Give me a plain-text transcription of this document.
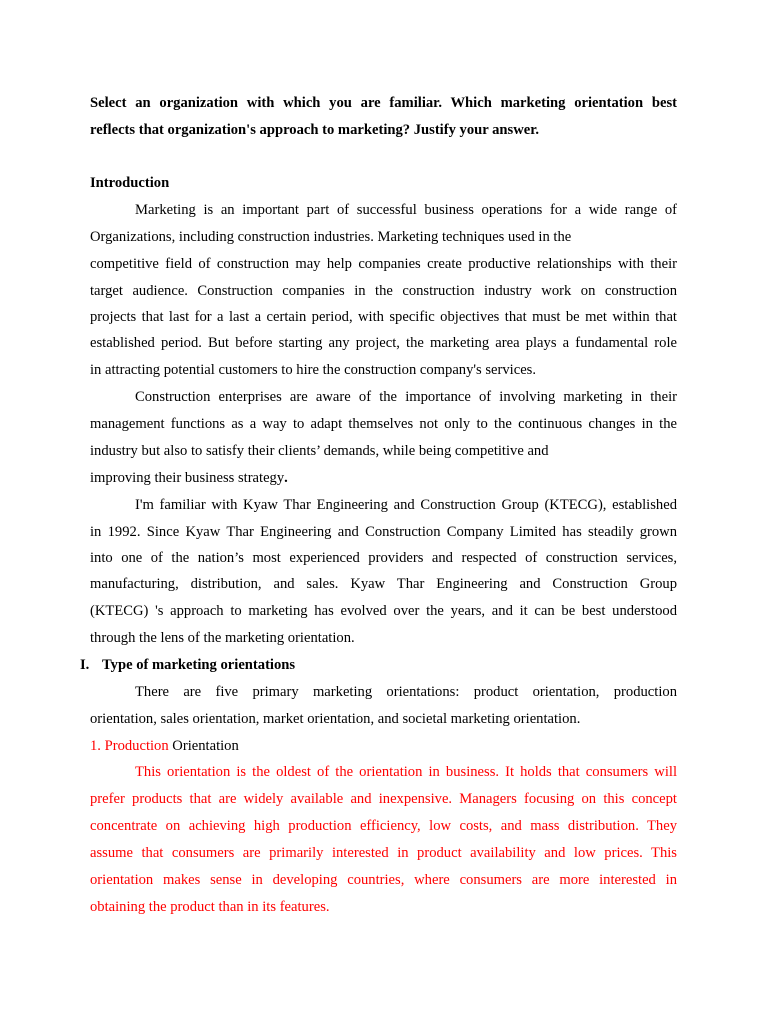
Select an organization with which you are familiar. Which marketing orientation best
reflects that organization's approach to marketing? Justify your answer.
Introduction
Marketing is an important part of successful business operations for a wide range of
Organizations, including construction industries. Marketing techniques used in the
competitive field of construction may help companies create productive relationships with their
target audience. Construction companies in the construction industry work on construction
projects that last for a last a certain period, with specific objectives that must be met within that
established period. But before starting any project, the marketing area plays a fundamental role
in attracting potential customers to hire the construction company's services.
Construction enterprises are aware of the importance of involving marketing in their
management functions as a way to adapt themselves not only to the continuous changes in the
industry but also to satisfy their clients’ demands, while being competitive and
improving their business strategy.
I'm familiar with Kyaw Thar Engineering and Construction Group (KTECG), established
in 1992. Since Kyaw Thar Engineering and Construction Company Limited has steadily grown
into one of the nation’s most experienced providers and respected of construction services,
manufacturing, distribution, and sales. Kyaw Thar Engineering and Construction Group
(KTECG) 's approach to marketing has evolved over the years, and it can be best understood
through the lens of the marketing orientation.
I. Type of marketing orientations
There are five primary marketing orientations: product orientation, production
orientation, sales orientation, market orientation, and societal marketing orientation.
1. Production Orientation
This orientation is the oldest of the orientation in business. It holds that consumers will
prefer products that are widely available and inexpensive. Managers focusing on this concept
concentrate on achieving high production efficiency, low costs, and mass distribution. They
assume that consumers are primarily interested in product availability and low prices. This
orientation makes sense in developing countries, where consumers are more interested in
obtaining the product than in its features.
